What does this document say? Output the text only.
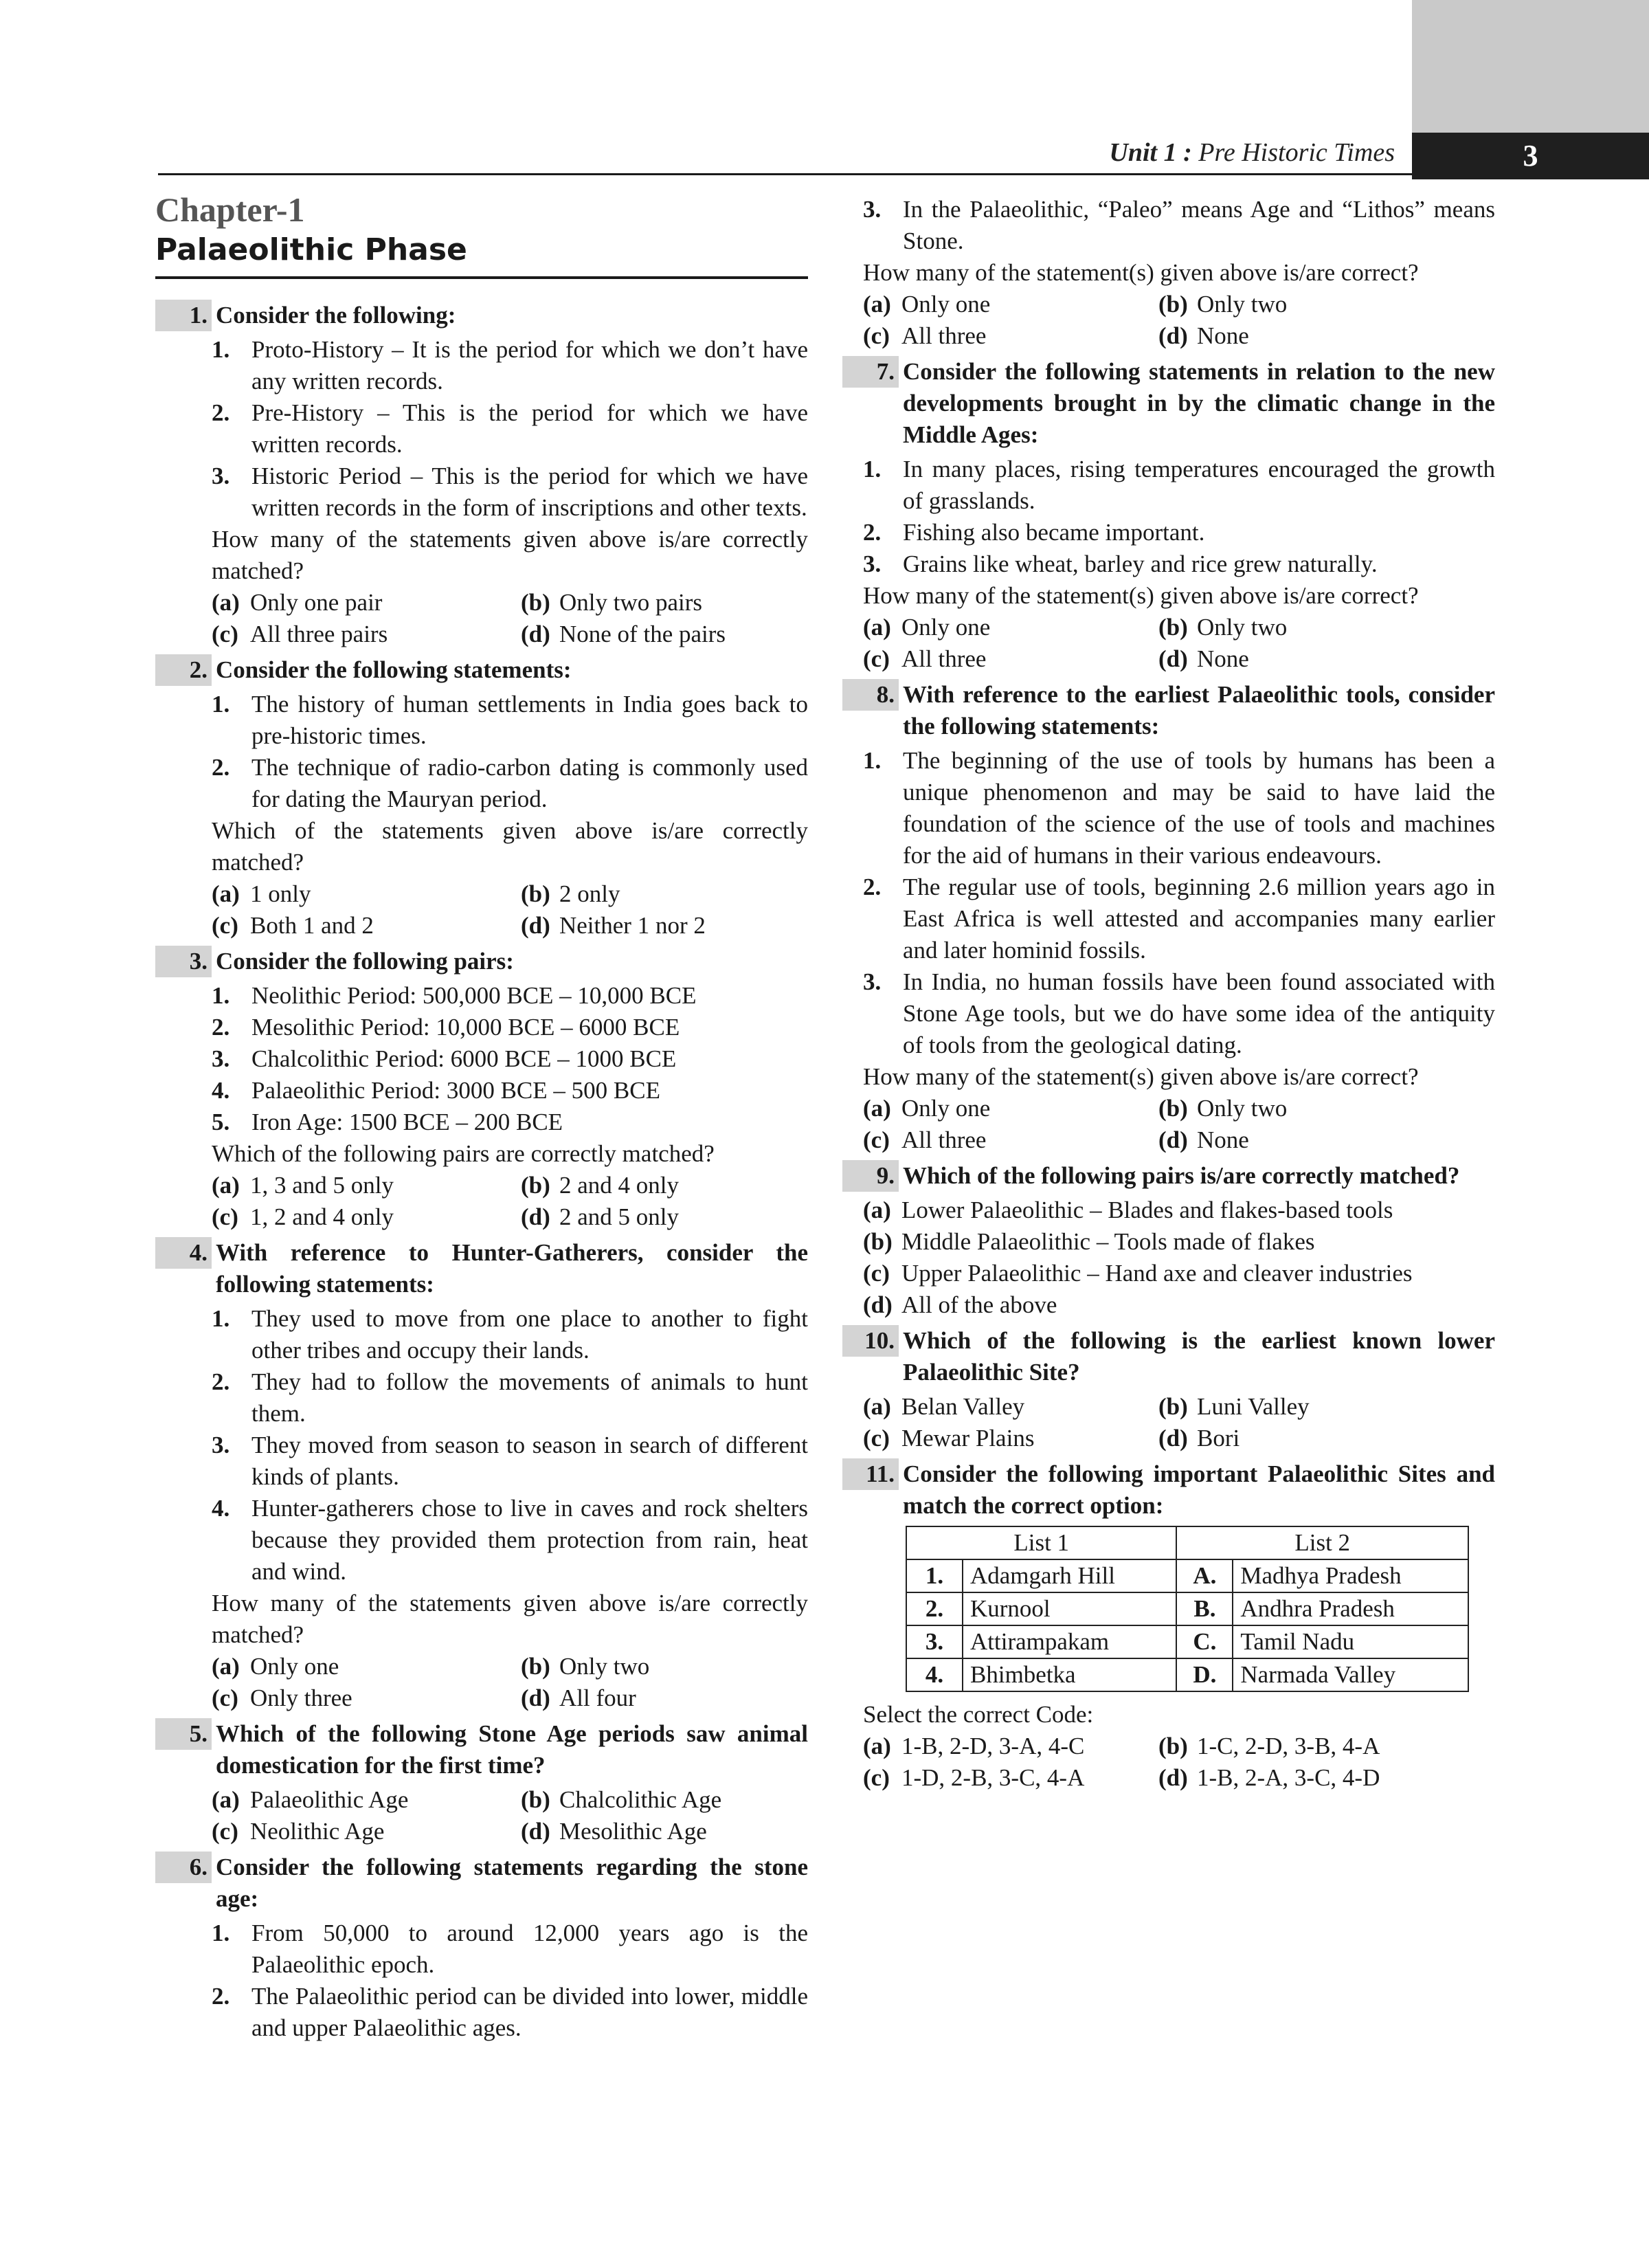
Unit 1 : Pre Historic Times	3
Chapter-1
Palaeolithic Phase
1. Consider the following:
1. Proto-History – It is the period for which we don’t have any written records.
2. Pre-History – This is the period for which we have written records.
3. Historic Period – This is the period for which we have written records in the form of inscriptions and other texts.
How many of the statements given above is/are correctly matched?
(a) Only one pair	(b) Only two pairs
(c) All three pairs	(d) None of the pairs
2. Consider the following statements:
1. The history of human settlements in India goes back to pre-historic times.
2. The technique of radio-carbon dating is commonly used for dating the Mauryan period.
Which of the statements given above is/are correctly matched?
(a) 1 only	(b) 2 only
(c) Both 1 and 2	(d) Neither 1 nor 2
3. Consider the following pairs:
1. Neolithic Period: 500,000 BCE – 10,000 BCE
2. Mesolithic Period: 10,000 BCE – 6000 BCE
3. Chalcolithic Period: 6000 BCE – 1000 BCE
4. Palaeolithic Period: 3000 BCE – 500 BCE
5. Iron Age: 1500 BCE – 200 BCE
Which of the following pairs are correctly matched?
(a) 1, 3 and 5 only	(b) 2 and 4 only
(c) 1, 2 and 4 only	(d) 2 and 5 only
4. With reference to Hunter-Gatherers, consider the following statements:
1. They used to move from one place to another to fight other tribes and occupy their lands.
2. They had to follow the movements of animals to hunt them.
3. They moved from season to season in search of different kinds of plants.
4. Hunter-gatherers chose to live in caves and rock shelters because they provided them protection from rain, heat and wind.
How many of the statements given above is/are correctly matched?
(a) Only one	(b) Only two
(c) Only three	(d) All four
5. Which of the following Stone Age periods saw animal domestication for the first time?
(a) Palaeolithic Age	(b) Chalcolithic Age
(c) Neolithic Age	(d) Mesolithic Age
6. Consider the following statements regarding the stone age:
1. From 50,000 to around 12,000 years ago is the Palaeolithic epoch.
2. The Palaeolithic period can be divided into lower, middle and upper Palaeolithic ages.
3. In the Palaeolithic, “Paleo” means Age and “Lithos” means Stone.
How many of the statement(s) given above is/are correct?
(a) Only one	(b) Only two
(c) All three	(d) None
7. Consider the following statements in relation to the new developments brought in by the climatic change in the Middle Ages:
1. In many places, rising temperatures encouraged the growth of grasslands.
2. Fishing also became important.
3. Grains like wheat, barley and rice grew naturally.
How many of the statement(s) given above is/are correct?
(a) Only one	(b) Only two
(c) All three	(d) None
8. With reference to the earliest Palaeolithic tools, consider the following statements:
1. The beginning of the use of tools by humans has been a unique phenomenon and may be said to have laid the foundation of the science of the use of tools and machines for the aid of humans in their various endeavours.
2. The regular use of tools, beginning 2.6 million years ago in East Africa is well attested and accompanies many earlier and later hominid fossils.
3. In India, no human fossils have been found associated with Stone Age tools, but we do have some idea of the antiquity of tools from the geological dating.
How many of the statement(s) given above is/are correct?
(a) Only one	(b) Only two
(c) All three	(d) None
9. Which of the following pairs is/are correctly matched?
(a) Lower Palaeolithic – Blades and flakes-based tools
(b) Middle Palaeolithic – Tools made of flakes
(c) Upper Palaeolithic – Hand axe and cleaver industries
(d) All of the above
10. Which of the following is the earliest known lower Palaeolithic Site?
(a) Belan Valley	(b) Luni Valley
(c) Mewar Plains	(d) Bori
11. Consider the following important Palaeolithic Sites and match the correct option:
List 1		List 2	
1.	Adamgarh Hill	A.	Madhya Pradesh
2.	Kurnool	B.	Andhra Pradesh
3.	Attirampakam	C.	Tamil Nadu
4.	Bhimbetka	D.	Narmada Valley
Select the correct Code:
(a) 1-B, 2-D, 3-A, 4-C	(b) 1-C, 2-D, 3-B, 4-A
(c) 1-D, 2-B, 3-C, 4-A	(d) 1-B, 2-A, 3-C, 4-D
